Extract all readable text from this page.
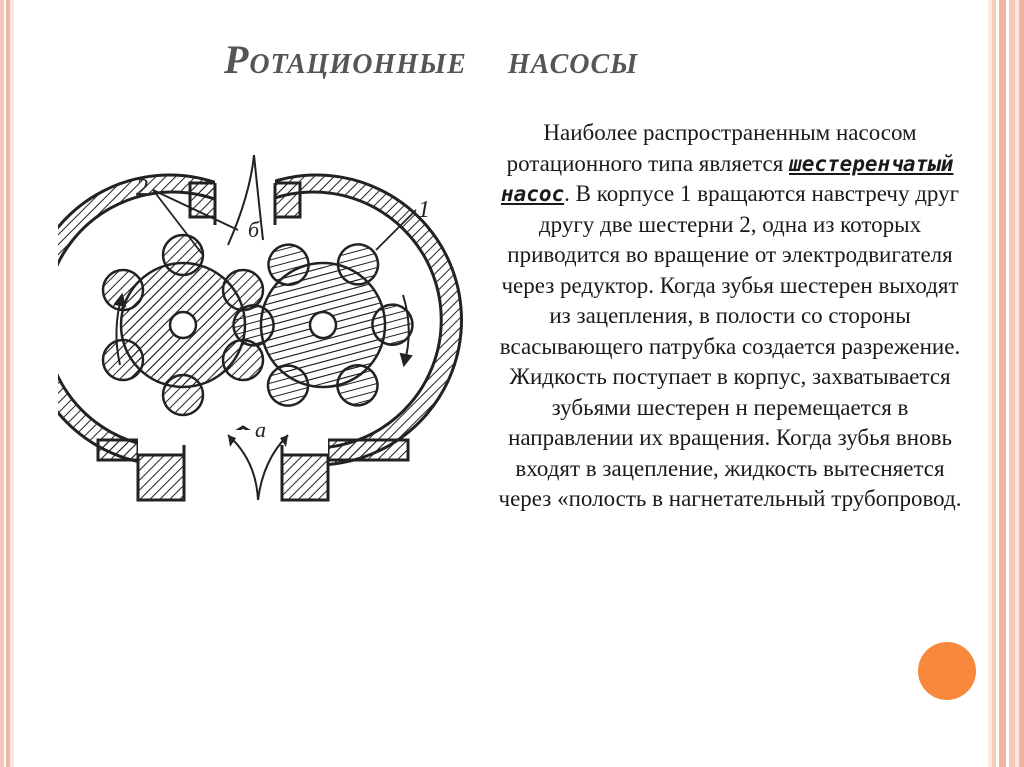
Ротационные насосы
2
1
б
а

Наиболее распространенным насосом ротационного типа является шестеренчатый насос. В корпусе 1 вращаются навстречу друг другу две шестерни 2, одна из которых приводится во вращение от электродвигателя через редуктор. Когда зубья шестерен выходят из зацепления, в полости со стороны всасывающего патрубка создается разрежение. Жидкость поступает в корпус, захватывается зубьями шестерен н перемещается в направлении их вращения. Когда зубья вновь входят в зацепление, жидкость вытесняется через «полость в нагнетательный трубопровод.
